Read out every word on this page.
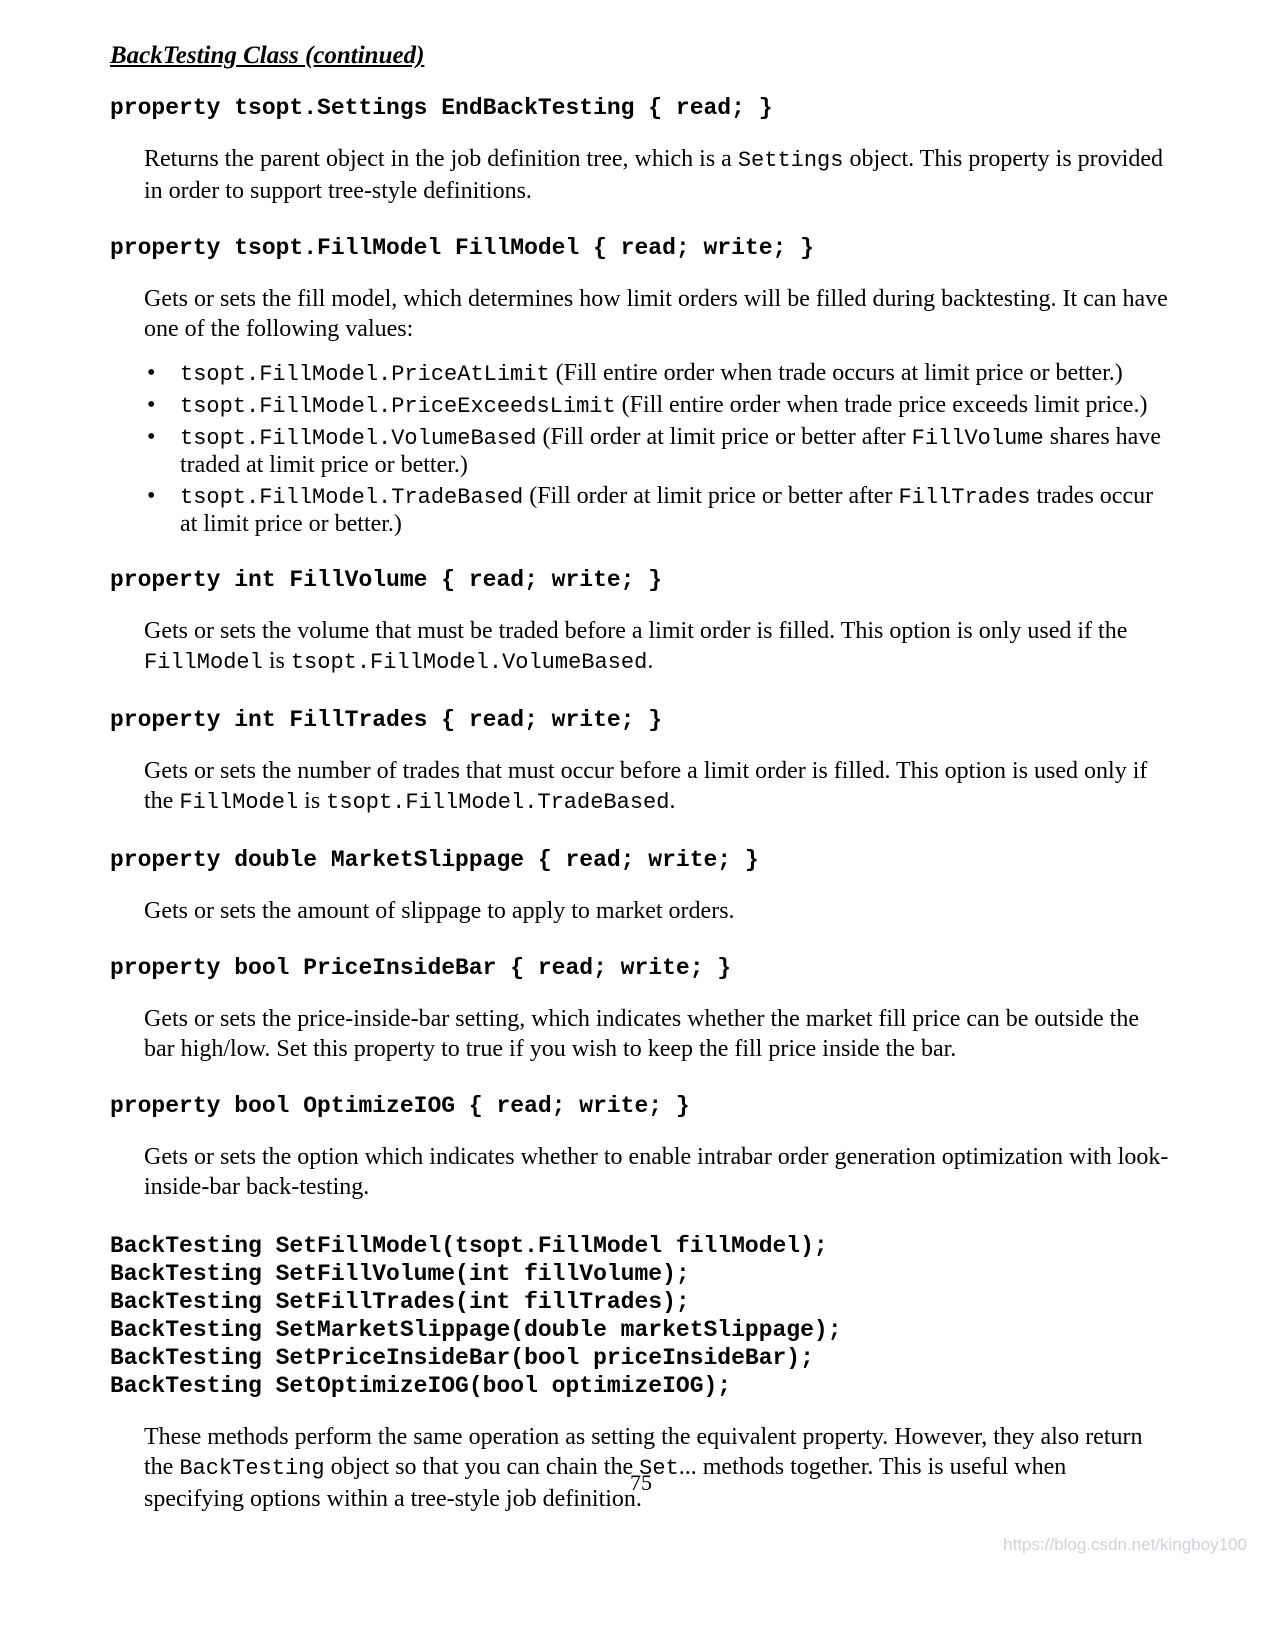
BackTesting Class (continued)
property tsopt.Settings EndBackTesting { read; }

Returns the parent object in the job definition tree, which is a Settings object. This property is provided in order to support tree-style definitions.

property tsopt.FillModel FillModel { read; write; }

Gets or sets the fill model, which determines how limit orders will be filled during backtesting. It can have one of the following values:

• tsopt.FillModel.PriceAtLimit (Fill entire order when trade occurs at limit price or better.)
• tsopt.FillModel.PriceExceedsLimit (Fill entire order when trade price exceeds limit price.)
• tsopt.FillModel.VolumeBased (Fill order at limit price or better after FillVolume shares have traded at limit price or better.)
• tsopt.FillModel.TradeBased (Fill order at limit price or better after FillTrades trades occur at limit price or better.)
property int FillVolume { read; write; }

Gets or sets the volume that must be traded before a limit order is filled. This option is only used if the FillModel is tsopt.FillModel.VolumeBased.

property int FillTrades { read; write; }

Gets or sets the number of trades that must occur before a limit order is filled. This option is used only if the FillModel is tsopt.FillModel.TradeBased.

property double MarketSlippage { read; write; }

Gets or sets the amount of slippage to apply to market orders.

property bool PriceInsideBar { read; write; }

Gets or sets the price-inside-bar setting, which indicates whether the market fill price can be outside the bar high/low. Set this property to true if you wish to keep the fill price inside the bar.

property bool OptimizeIOG { read; write; }

Gets or sets the option which indicates whether to enable intrabar order generation optimization with look-inside-bar back-testing.

BackTesting SetFillModel(tsopt.FillModel fillModel);
BackTesting SetFillVolume(int fillVolume);
BackTesting SetFillTrades(int fillTrades);
BackTesting SetMarketSlippage(double marketSlippage);
BackTesting SetPriceInsideBar(bool priceInsideBar);
BackTesting SetOptimizeIOG(bool optimizeIOG);

These methods perform the same operation as setting the equivalent property. However, they also return the BackTesting object so that you can chain the Set... methods together. This is useful when specifying options within a tree-style job definition.

75
https://blog.csdn.net/kingboy100
